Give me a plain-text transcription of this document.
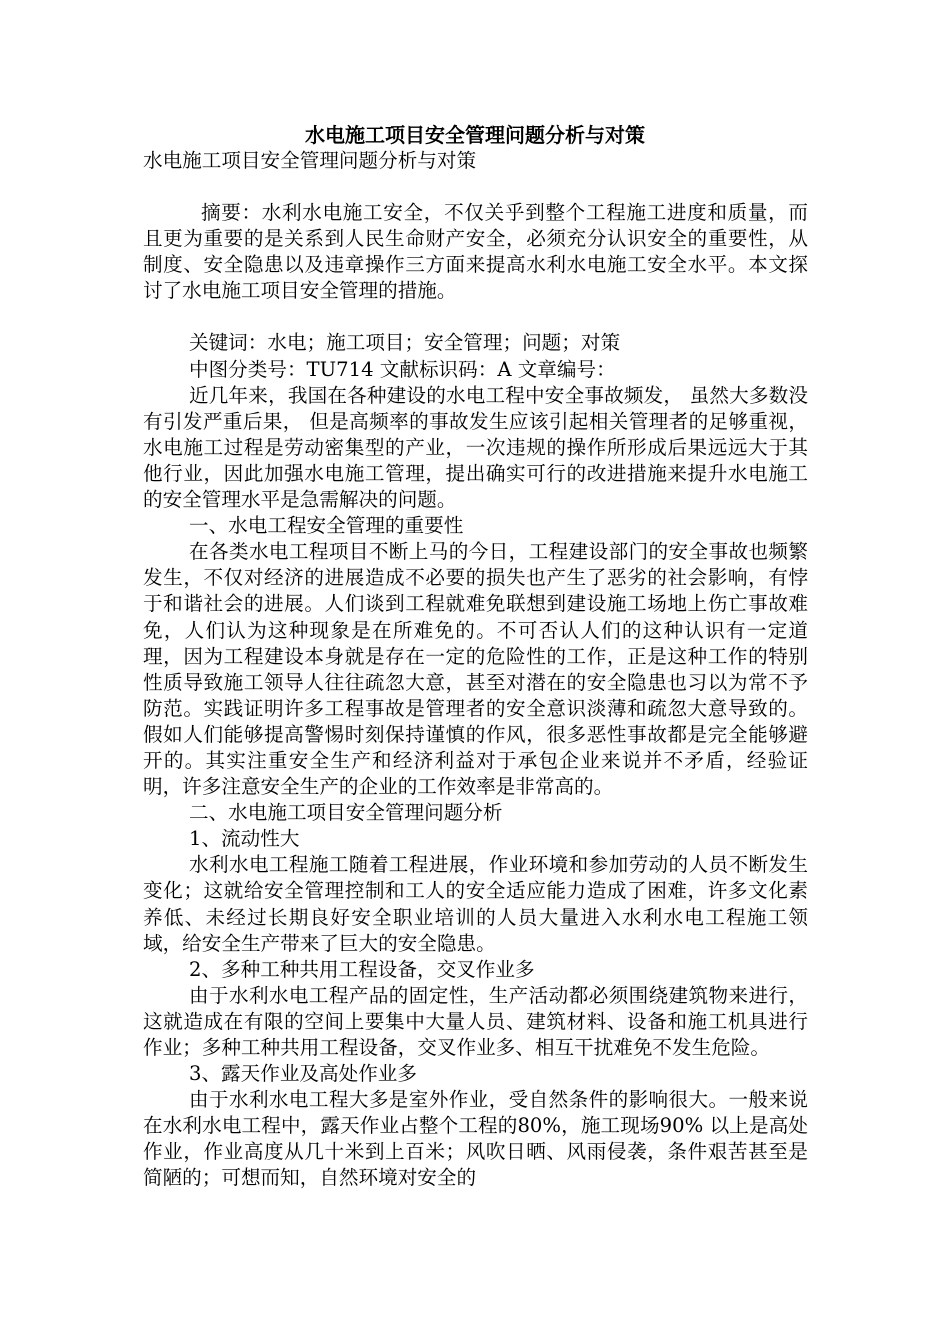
水电施工项目安全管理问题分析与对策

水电施工项目安全管理问题分析与对策

摘要：水利水电施工安全，不仅关乎到整个工程施工进度和质量，而且更为重要的是关系到人民生命财产安全，必须充分认识安全的重要性，从制度、安全隐患以及违章操作三方面来提高水利水电施工安全水平。本文探讨了水电施工项目安全管理的措施。

关键词：水电；施工项目；安全管理；问题；对策

中图分类号：TU714 文献标识码：A 文章编号：

近几年来，我国在各种建设的水电工程中安全事故频发， 虽然大多数没有引发严重后果， 但是高频率的事故发生应该引起相关管理者的足够重视，水电施工过程是劳动密集型的产业，一次违规的操作所形成后果远远大于其他行业，因此加强水电施工管理，提出确实可行的改进措施来提升水电施工的安全管理水平是急需解决的问题。

一、水电工程安全管理的重要性

在各类水电工程项目不断上马的今日，工程建设部门的安全事故也频繁发生，不仅对经济的进展造成不必要的损失也产生了恶劣的社会影响，有悖于和谐社会的进展。人们谈到工程就难免联想到建设施工场地上伤亡事故难免，人们认为这种现象是在所难免的。不可否认人们的这种认识有一定道理，因为工程建设本身就是存在一定的危险性的工作，正是这种工作的特别性质导致施工领导人往往疏忽大意，甚至对潜在的安全隐患也习以为常不予防范。实践证明许多工程事故是管理者的安全意识淡薄和疏忽大意导致的。假如人们能够提高警惕时刻保持谨慎的作风，很多恶性事故都是完全能够避开的。其实注重安全生产和经济利益对于承包企业来说并不矛盾，经验证明，许多注意安全生产的企业的工作效率是非常高的。

二、水电施工项目安全管理问题分析

1、流动性大

水利水电工程施工随着工程进展，作业环境和参加劳动的人员不断发生变化；这就给安全管理控制和工人的安全适应能力造成了困难，许多文化素养低、未经过长期良好安全职业培训的人员大量进入水利水电工程施工领域，给安全生产带来了巨大的安全隐患。

2、多种工种共用工程设备，交叉作业多

由于水利水电工程产品的固定性，生产活动都必须围绕建筑物来进行，这就造成在有限的空间上要集中大量人员、建筑材料、设备和施工机具进行作业；多种工种共用工程设备，交叉作业多、相互干扰难免不发生危险。

3、露天作业及高处作业多

由于水利水电工程大多是室外作业，受自然条件的影响很大。一般来说在水利水电工程中，露天作业占整个工程的80%，施工现场90% 以上是高处作业，作业高度从几十米到上百米；风吹日晒、风雨侵袭，条件艰苦甚至是简陋的；可想而知，自然环境对安全的
